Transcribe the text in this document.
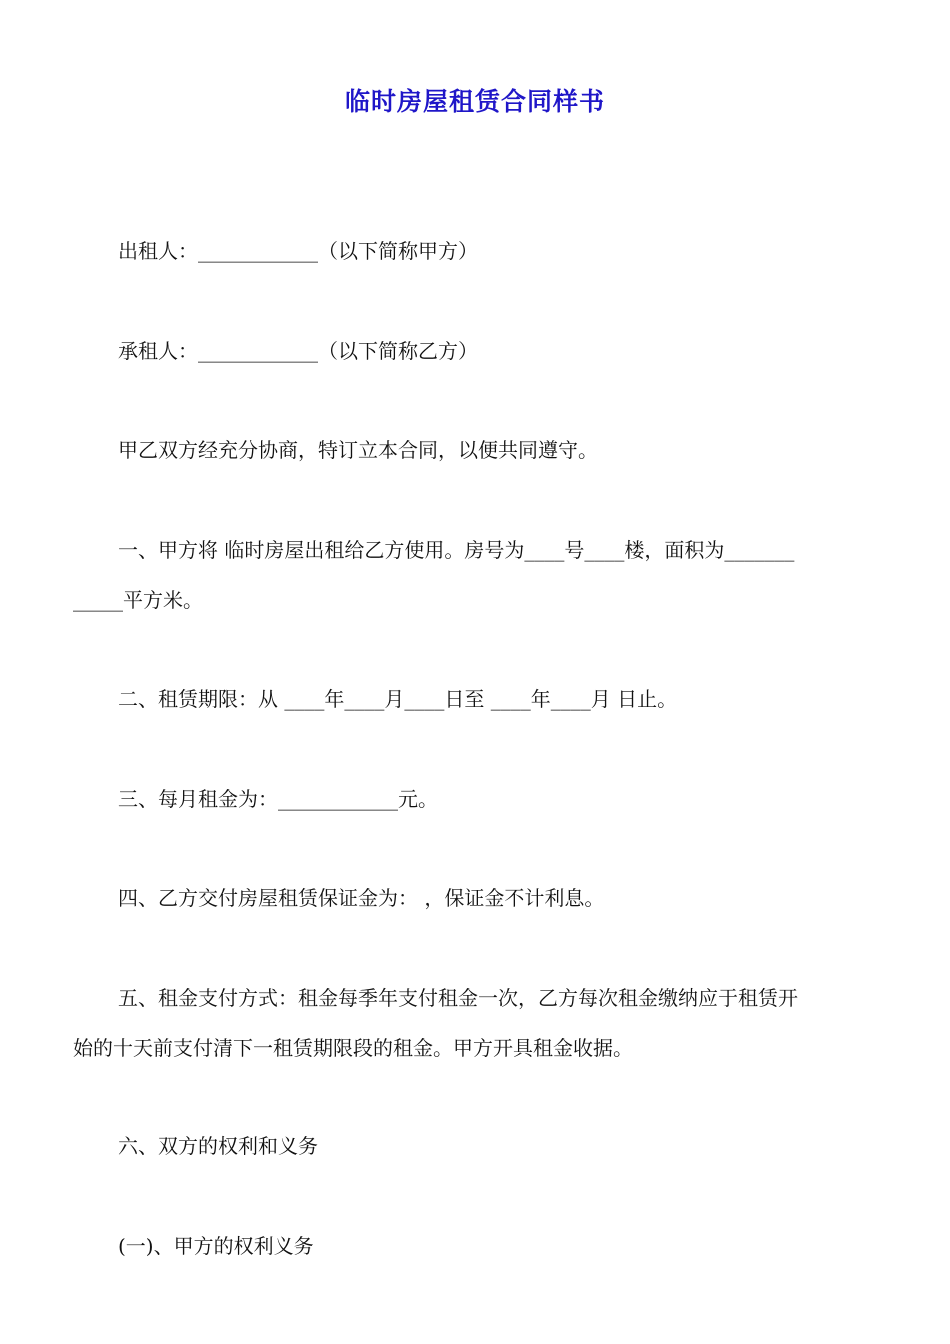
临时房屋租赁合同样书
出租人：____________（以下简称甲方）
承租人：____________（以下简称乙方）
甲乙双方经充分协商，特订立本合同，以便共同遵守。
一、甲方将 临时房屋出租给乙方使用。房号为____号____楼，面积为_______
_____平方米。
二、租赁期限：从 ____年____月____日至 ____年____月 日止。
三、每月租金为：____________元。
四、乙方交付房屋租赁保证金为： ，保证金不计利息。
五、租金支付方式：租金每季年支付租金一次，乙方每次租金缴纳应于租赁开
始的十天前支付清下一租赁期限段的租金。甲方开具租金收据。
六、双方的权利和义务
(一)、甲方的权利义务
